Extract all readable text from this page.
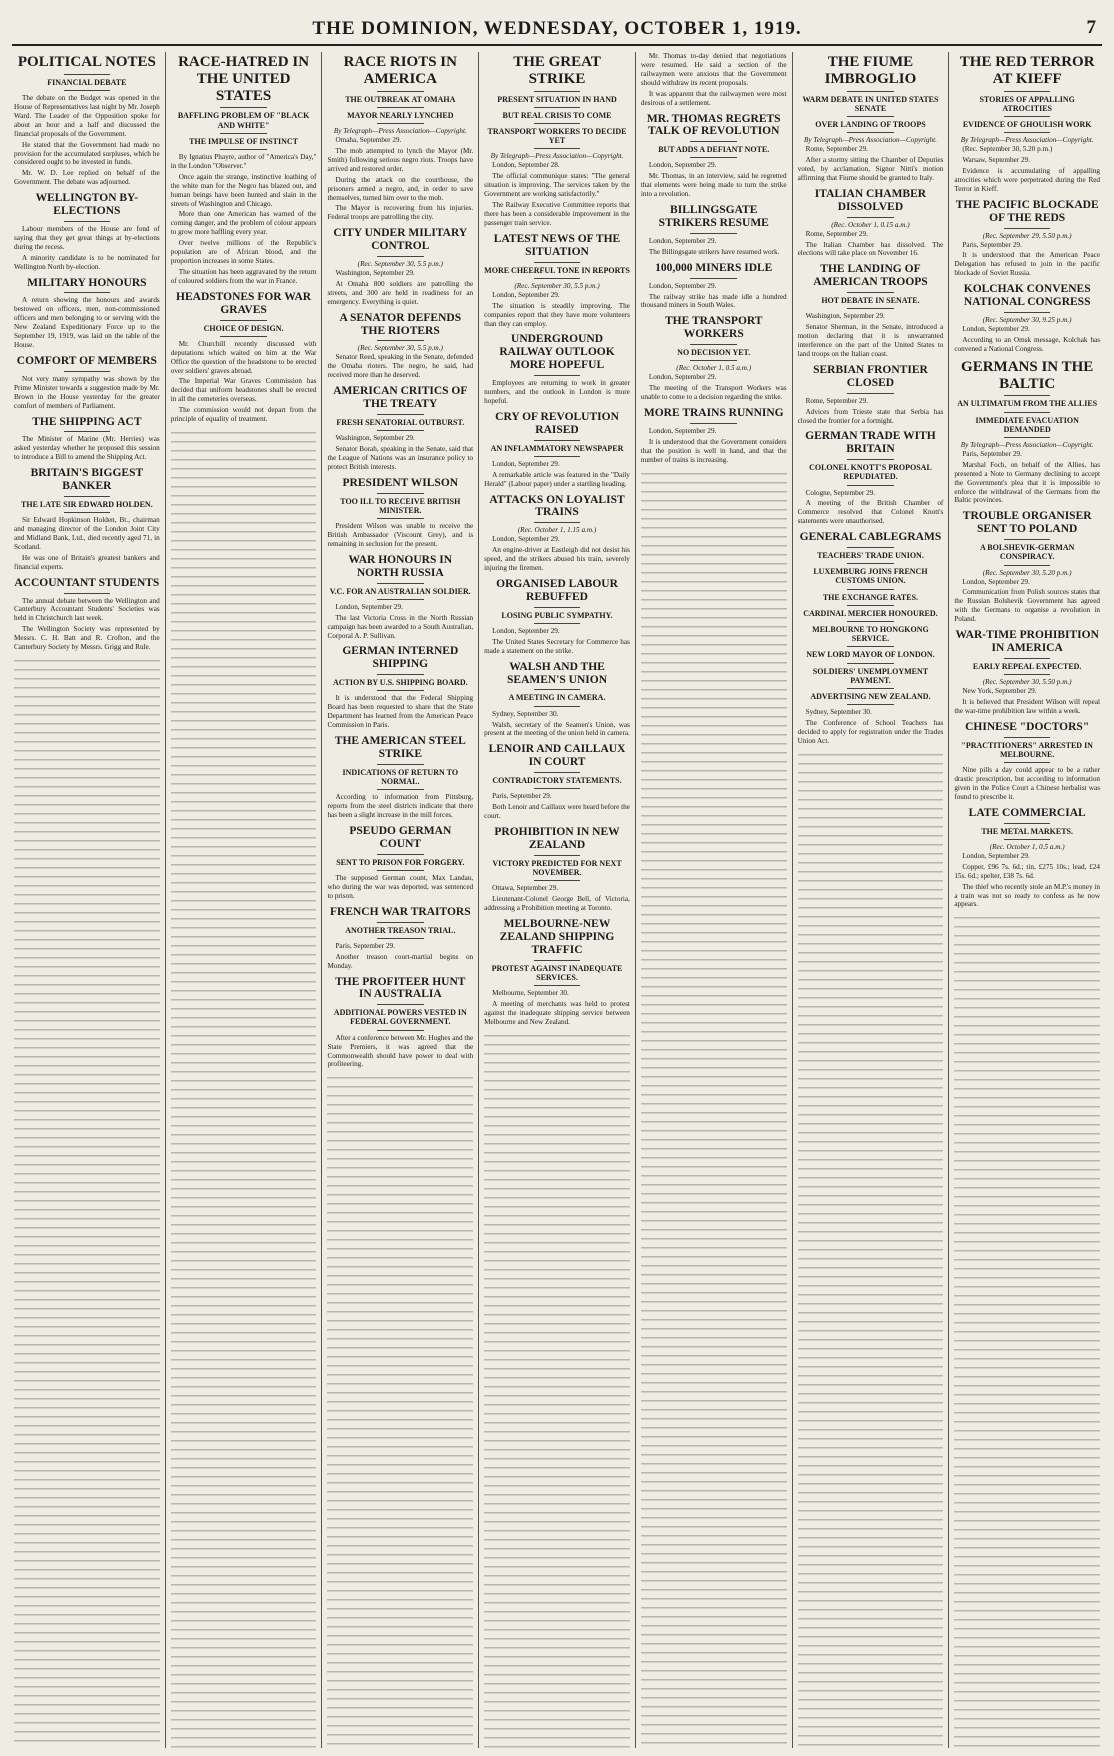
THE DOMINION, WEDNESDAY, OCTOBER 1, 1919.	7
POLITICAL NOTES
FINANCIAL DEBATE

The debate on the Budget was opened in the House of Representatives last night by Mr. Joseph Ward. The Leader of the Opposition spoke for about an hour and a half and discussed the financial proposals of the Government.

He stated that the Government had made no provision for the accumulated surpluses, which he considered ought to be invested in funds.

Mr. W. D. Lee replied on behalf of the Government. The debate was adjourned.

WELLINGTON BY-ELECTIONS

Labour members of the House are fond of saying that they get great things at by-elections during the recess.

A minority candidate is to be nominated for Wellington North by-election.

MILITARY HONOURS

A return showing the honours and awards bestowed on officers, men, non-commissioned officers and men belonging to or serving with the New Zealand Expeditionary Force up to the September 19, 1919, was laid on the table of the House.

COMFORT OF MEMBERS

Not very many sympathy was shown by the Prime Minister towards a suggestion made by Mr. Brown in the House yesterday for the greater comfort of members of Parliament.

THE SHIPPING ACT

The Minister of Marine (Mr. Herries) was asked yesterday whether he proposed this session to introduce a Bill to amend the Shipping Act.

BRITAIN'S BIGGEST BANKER
THE LATE SIR EDWARD HOLDEN.

Sir Edward Hopkinson Holden, Bt., chairman and managing director of the London Joint City and Midland Bank, Ltd., died recently aged 71, in Scotland.

He was one of Britain's greatest bankers and financial experts.

ACCOUNTANT STUDENTS

The annual debate between the Wellington and Canterbury Accountant Students' Societies was held in Christchurch last week.

The Wellington Society was represented by Messrs. C. H. Batt and R. Crofton, and the Canterbury Society by Messrs. Grigg and Rule.

RACE-HATRED IN THE UNITED STATES
BAFFLING PROBLEM OF "BLACK AND WHITE"
THE IMPULSE OF INSTINCT

By Ignatius Phayre, author of "America's Day," in the London "Observer."

Once again the strange, instinctive loathing of the white man for the Negro has blazed out, and human beings have been hunted and slain in the streets of Washington and Chicago.

More than one American has warned of the coming danger, and the problem of colour appears to grow more baffling every year.

Over twelve millions of the Republic's population are of African blood, and the proportion increases in some States.

The situation has been aggravated by the return of coloured soldiers from the war in France.

HEADSTONES FOR WAR GRAVES
CHOICE OF DESIGN.

Mr. Churchill recently discussed with deputations which waited on him at the War Office the question of the headstone to be erected over soldiers' graves abroad.

The Imperial War Graves Commission has decided that uniform headstones shall be erected in all the cemeteries overseas.

The commission would not depart from the principle of equality of treatment.

RACE RIOTS IN AMERICA
THE OUTBREAK AT OMAHA
MAYOR NEARLY LYNCHED
By Telegraph—Press Association—Copyright.

Omaha, September 29.

The mob attempted to lynch the Mayor (Mr. Smith) following serious negro riots. Troops have arrived and restored order.

During the attack on the courthouse, the prisoners armed a negro, and, in order to save themselves, turned him over to the mob.

The Mayor is recovering from his injuries. Federal troops are patrolling the city.

CITY UNDER MILITARY CONTROL
(Rec. September 30, 5.5 p.m.)

Washington, September 29.

At Omaha 800 soldiers are patrolling the streets, and 300 are held in readiness for an emergency. Everything is quiet.

A SENATOR DEFENDS THE RIOTERS
(Rec. September 30, 5.5 p.m.)

Senator Reed, speaking in the Senate, defended the Omaha rioters. The negro, he said, had received more than he deserved.

AMERICAN CRITICS OF THE TREATY
FRESH SENATORIAL OUTBURST.

Washington, September 29.

Senator Borah, speaking in the Senate, said that the League of Nations was an insurance policy to protect British interests.

PRESIDENT WILSON
TOO ILL TO RECEIVE BRITISH MINISTER.

President Wilson was unable to receive the British Ambassador (Viscount Grey), and is remaining in seclusion for the present.

WAR HONOURS IN NORTH RUSSIA
V.C. FOR AN AUSTRALIAN SOLDIER.

London, September 29.

The last Victoria Cross in the North Russian campaign has been awarded to a South Australian, Corporal A. P. Sullivan.

GERMAN INTERNED SHIPPING
ACTION BY U.S. SHIPPING BOARD.

It is understood that the Federal Shipping Board has been requested to share that the State Department has learned from the American Peace Commission in Paris.

THE AMERICAN STEEL STRIKE
INDICATIONS OF RETURN TO NORMAL.

According to information from Pittsburg, reports from the steel districts indicate that there has been a slight increase in the mill forces.

PSEUDO GERMAN COUNT
SENT TO PRISON FOR FORGERY.

The supposed German count, Max Landau, who during the war was deported, was sentenced to prison.

FRENCH WAR TRAITORS
ANOTHER TREASON TRIAL.

Paris, September 29.

Another treason court-martial begins on Monday.

THE PROFITEER HUNT IN AUSTRALIA
ADDITIONAL POWERS VESTED IN FEDERAL GOVERNMENT.

After a conference between Mr. Hughes and the State Premiers, it was agreed that the Commonwealth should have power to deal with profiteering.

THE GREAT STRIKE
PRESENT SITUATION IN HAND
BUT REAL CRISIS TO COME
TRANSPORT WORKERS TO DECIDE YET
By Telegraph—Press Association—Copyright.

London, September 28.

The official communique states: "The general situation is improving. The services taken by the Government are working satisfactorily."

The Railway Executive Committee reports that there has been a considerable improvement in the passenger train service.

LATEST NEWS OF THE SITUATION
MORE CHEERFUL TONE IN REPORTS
(Rec. September 30, 5.5 p.m.)

London, September 29.

The situation is steadily improving. The companies report that they have more volunteers than they can employ.

UNDERGROUND RAILWAY OUTLOOK MORE HOPEFUL

Employees are returning to work in greater numbers, and the outlook in London is more hopeful.

CRY OF REVOLUTION RAISED
AN INFLAMMATORY NEWSPAPER

London, September 29.

A remarkable article was featured in the "Daily Herald" (Labour paper) under a startling heading.

ATTACKS ON LOYALIST TRAINS
(Rec. October 1, 1.15 a.m.)

London, September 29.

An engine-driver at Eastleigh did not desist his speed, and the strikers abused his train, severely injuring the firemen.

ORGANISED LABOUR REBUFFED
LOSING PUBLIC SYMPATHY.

London, September 29.

The United States Secretary for Commerce has made a statement on the strike.

WALSH AND THE SEAMEN'S UNION
A MEETING IN CAMERA.

Sydney, September 30.

Walsh, secretary of the Seamen's Union, was present at the meeting of the union held in camera.

LENOIR AND CAILLAUX IN COURT
CONTRADICTORY STATEMENTS.

Paris, September 29.

Both Lenoir and Caillaux were heard before the court.

PROHIBITION IN NEW ZEALAND
VICTORY PREDICTED FOR NEXT NOVEMBER.

Ottawa, September 29.

Lieutenant-Colonel George Bell, of Victoria, addressing a Prohibition meeting at Toronto.

MELBOURNE-NEW ZEALAND SHIPPING TRAFFIC
PROTEST AGAINST INADEQUATE SERVICES.

Melbourne, September 30.

A meeting of merchants was held to protest against the inadequate shipping service between Melbourne and New Zealand.

Mr. Thomas to-day denied that negotiations were resumed. He said a section of the railwaymen were anxious that the Government should withdraw its recent proposals.

It was apparent that the railwaymen were most desirous of a settlement.

MR. THOMAS REGRETS TALK OF REVOLUTION
BUT ADDS A DEFIANT NOTE.

London, September 29.

Mr. Thomas, in an interview, said he regretted that elements were being made to turn the strike into a revolution.

BILLINGSGATE STRIKERS RESUME

London, September 29.

The Billingsgate strikers have resumed work.

100,000 MINERS IDLE

London, September 29.

The railway strike has made idle a hundred thousand miners in South Wales.

THE TRANSPORT WORKERS
NO DECISION YET.
(Rec. October 1, 0.5 a.m.)

London, September 29.

The meeting of the Transport Workers was unable to come to a decision regarding the strike.

MORE TRAINS RUNNING

London, September 29.

It is understood that the Government considers that the position is well in hand, and that the number of trains is increasing.

THE FIUME IMBROGLIO
WARM DEBATE IN UNITED STATES SENATE
OVER LANDING OF TROOPS
By Telegraph—Press Association—Copyright.

Rome, September 29.

After a stormy sitting the Chamber of Deputies voted, by acclamation, Signor Nitti's motion affirming that Fiume should be granted to Italy.

ITALIAN CHAMBER DISSOLVED
(Rec. October 1, 0.15 a.m.)

Rome, September 29.

The Italian Chamber has dissolved. The elections will take place on November 16.

THE LANDING OF AMERICAN TROOPS
HOT DEBATE IN SENATE.

Washington, September 29.

Senator Sherman, in the Senate, introduced a motion declaring that it is unwarranted interference on the part of the United States to land troops on the Italian coast.

SERBIAN FRONTIER CLOSED

Rome, September 29.

Advices from Trieste state that Serbia has closed the frontier for a fortnight.

GERMAN TRADE WITH BRITAIN
COLONEL KNOTT'S PROPOSAL REPUDIATED.

Cologne, September 29.

A meeting of the British Chamber of Commerce resolved that Colonel Knott's statements were unauthorised.

GENERAL CABLEGRAMS
TEACHERS' TRADE UNION.
LUXEMBURG JOINS FRENCH CUSTOMS UNION.
THE EXCHANGE RATES.
CARDINAL MERCIER HONOURED.
MELBOURNE TO HONGKONG SERVICE.
NEW LORD MAYOR OF LONDON.
SOLDIERS' UNEMPLOYMENT PAYMENT.
ADVERTISING NEW ZEALAND.

Sydney, September 30.

The Conference of School Teachers has decided to apply for registration under the Trades Union Act.

THE RED TERROR AT KIEFF
STORIES OF APPALLING ATROCITIES
EVIDENCE OF GHOULISH WORK
By Telegraph—Press Association—Copyright.

(Rec. September 30, 5.20 p.m.)

Warsaw, September 29.

Evidence is accumulating of appalling atrocities which were perpetrated during the Red Terror in Kieff.

THE PACIFIC BLOCKADE OF THE REDS
(Rec. September 29, 5.50 p.m.)

Paris, September 29.

It is understood that the American Peace Delegation has refused to join in the pacific blockade of Soviet Russia.

KOLCHAK CONVENES NATIONAL CONGRESS
(Rec. September 30, 9.25 p.m.)

London, September 29.

According to an Omsk message, Kolchak has convened a National Congress.

GERMANS IN THE BALTIC
AN ULTIMATUM FROM THE ALLIES
IMMEDIATE EVACUATION DEMANDED
By Telegraph—Press Association—Copyright.

Paris, September 29.

Marshal Foch, on behalf of the Allies, has presented a Note to Germany declining to accept the Government's plea that it is impossible to enforce the withdrawal of the Germans from the Baltic provinces.

TROUBLE ORGANISER SENT TO POLAND
A BOLSHEVIK-GERMAN CONSPIRACY.
(Rec. September 30, 5.20 p.m.)

London, September 29.

Communication from Polish sources states that the Russian Bolshevik Government has agreed with the Germans to organise a revolution in Poland.

WAR-TIME PROHIBITION IN AMERICA
EARLY REPEAL EXPECTED.
(Rec. September 30, 5.50 p.m.)

New York, September 29.

It is believed that President Wilson will repeal the war-time prohibition law within a week.

CHINESE "DOCTORS"
"PRACTITIONERS" ARRESTED IN MELBOURNE.

Nine pills a day could appear to be a rather drastic prescription, but according to information given in the Police Court a Chinese herbalist was found to prescribe it.

LATE COMMERCIAL
THE METAL MARKETS.
(Rec. October 1, 0.5 a.m.)

London, September 29.

Copper, £96 7s. 6d.; tin, £275 10s.; lead, £24 15s. 6d.; spelter, £38 7s. 6d.

The thief who recently stole an M.P.'s money in a train was not so ready to confess as he now appears.
